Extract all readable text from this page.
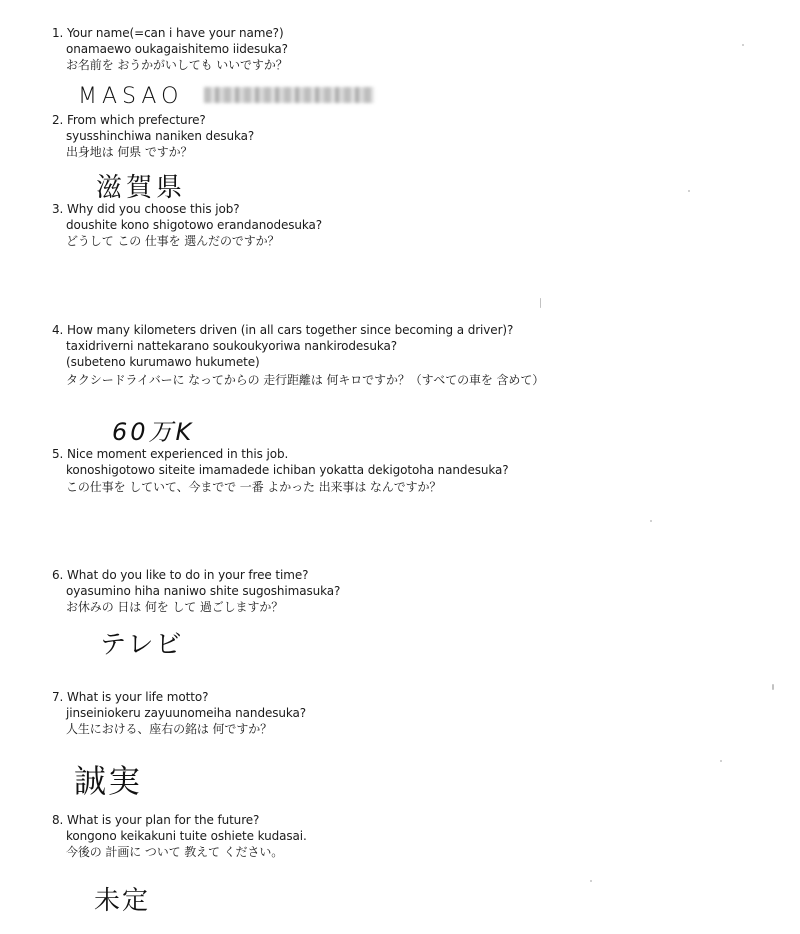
1. Your name(=can i have your name?)
onamaewo oukagaishitemo iidesuka?
お名前を おうかがいしても いいですか？
MASAO
2. From which prefecture?
syusshinchiwa naniken desuka?
出身地は 何県 ですか？
滋賀県
3. Why did you choose this job?
doushite kono shigotowo erandanodesuka?
どうして この 仕事を 選んだのですか？
4. How many kilometers driven (in all cars together since becoming a driver)?
taxidriverni nattekarano soukoukyoriwa nankirodesuka?
(subeteno kurumawo hukumete)
タクシードライバーに なってからの 走行距離は 何キロですか？（すべての車を 含めて）
60万K
5. Nice moment experienced in this job.
konoshigotowo siteite imamadede ichiban yokatta dekigotoha nandesuka?
この仕事を していて、今までで 一番 よかった 出来事は なんですか？
6. What do you like to do in your free time?
oyasumino hiha naniwo shite sugoshimasuka?
お休みの 日は 何を して 過ごしますか？
テレビ
7. What is your life motto?
jinseiniokeru zayuunomeiha nandesuka?
人生における、座右の銘は 何ですか？
誠実
8. What is your plan for the future?
kongono keikakuni tuite oshiete kudasai.
今後の 計画に ついて 教えて ください。
未定
